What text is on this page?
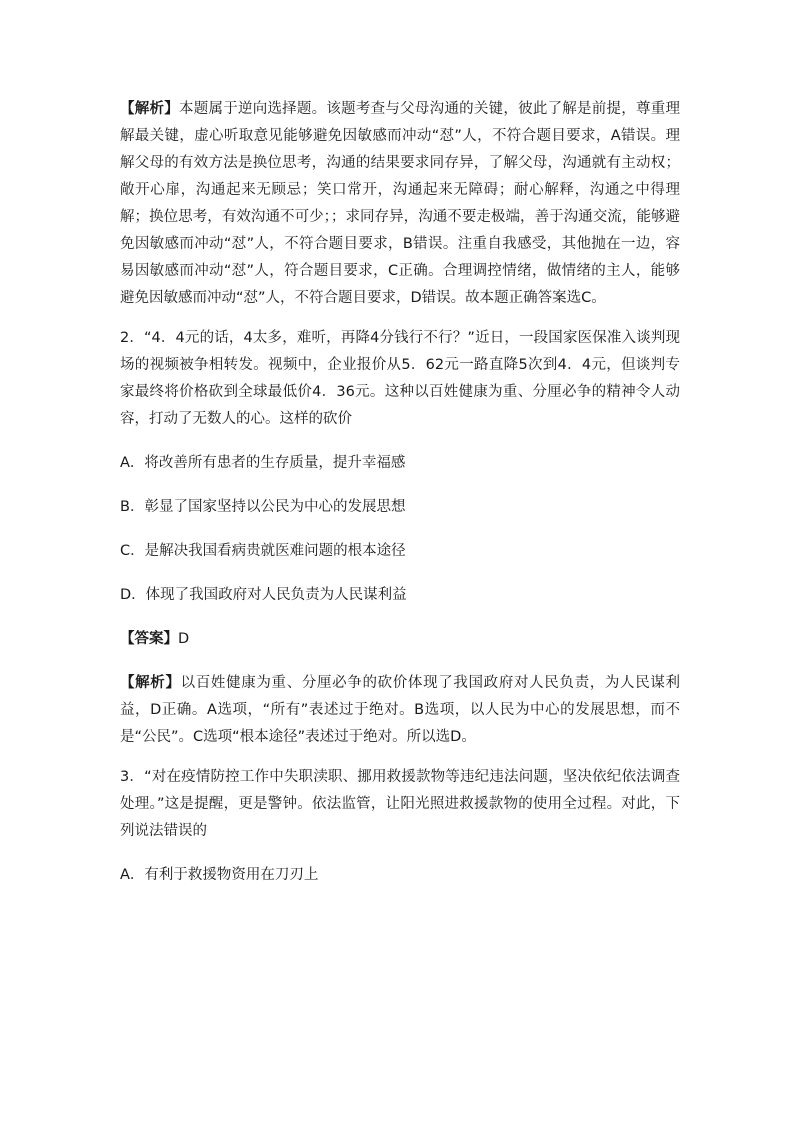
【解析】本题属于逆向选择题。该题考查与父母沟通的关键，彼此了解是前提，尊重理解最关键，虚心听取意见能够避免因敏感而冲动“怼”人，不符合题目要求，A错误。理解父母的有效方法是换位思考，沟通的结果要求同存异，了解父母，沟通就有主动权；敞开心扉，沟通起来无顾忌；笑口常开，沟通起来无障碍；耐心解释，沟通之中得理解；换位思考，有效沟通不可少；；求同存异，沟通不要走极端，善于沟通交流，能够避免因敏感而冲动“怼”人，不符合题目要求，B错误。注重自我感受，其他抛在一边，容易因敏感而冲动“怼”人，符合题目要求，C正确。合理调控情绪，做情绪的主人，能够避免因敏感而冲动“怼”人，不符合题目要求，D错误。故本题正确答案选C。

2．“4．4元的话，4太多，难听，再降4分钱行不行？”近日，一段国家医保准入谈判现场的视频被争相转发。视频中，企业报价从5．62元一路直降5次到4．4元，但谈判专家最终将价格砍到全球最低价4．36元。这种以百姓健康为重、分厘必争的精神令人动容，打动了无数人的心。这样的砍价

A．将改善所有患者的生存质量，提升幸福感

B．彰显了国家坚持以公民为中心的发展思想

C．是解决我国看病贵就医难问题的根本途径

D．体现了我国政府对人民负责为人民谋利益

【答案】D

【解析】以百姓健康为重、分厘必争的砍价体现了我国政府对人民负责，为人民谋利益，D正确。A选项，“所有”表述过于绝对。B选项，以人民为中心的发展思想，而不是“公民”。C选项“根本途径”表述过于绝对。所以选D。

3．“对在疫情防控工作中失职渎职、挪用救援款物等违纪违法问题，坚决依纪依法调查处理。”这是提醒，更是警钟。依法监管，让阳光照进救援款物的使用全过程。对此，下列说法错误的

A．有利于救援物资用在刀刃上
